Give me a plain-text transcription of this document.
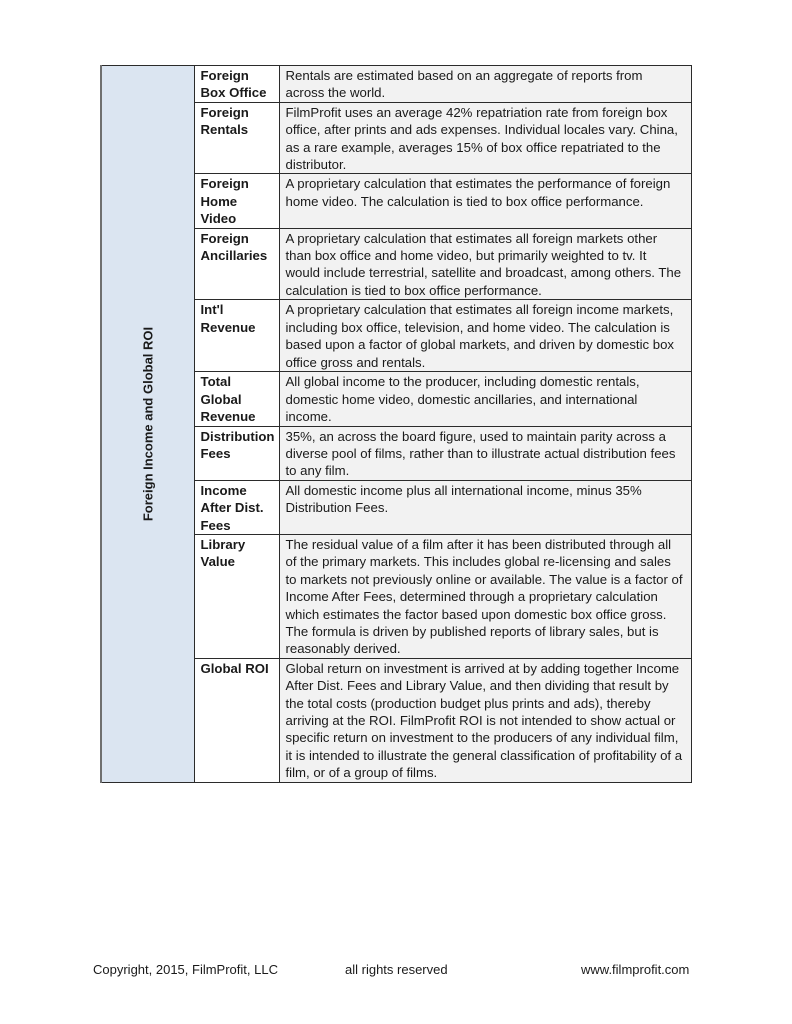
Foreign Income and Global ROI	Foreign Box Office	Rentals are estimated based on an aggregate of reports from across the world.
	Foreign Rentals	FilmProfit uses an average 42% repatriation rate from foreign box office, after prints and ads expenses. Individual locales vary. China, as a rare example, averages 15% of box office repatriated to the distributor.
	Foreign Home Video	A proprietary calculation that estimates the performance of foreign home video. The calculation is tied to box office performance.
	Foreign Ancillaries	A proprietary calculation that estimates all foreign markets other than box office and home video, but primarily weighted to tv. It would include terrestrial, satellite and broadcast, among others. The calculation is tied to box office performance.
	Int'l Revenue	A proprietary calculation that estimates all foreign income markets, including box office, television, and home video. The calculation is based upon a factor of global markets, and driven by domestic box office gross and rentals.
	Total Global Revenue	All global income to the producer, including domestic rentals, domestic home video, domestic ancillaries, and international income.
	Distribution Fees	35%, an across the board figure, used to maintain parity across a diverse pool of films, rather than to illustrate actual distribution fees to any film.
	Income After Dist. Fees	All domestic income plus all international income, minus 35% Distribution Fees.
	Library Value	The residual value of a film after it has been distributed through all of the primary markets. This includes global re-licensing and sales to markets not previously online or available. The value is a factor of Income After Fees, determined through a proprietary calculation which estimates the factor based upon domestic box office gross. The formula is driven by published reports of library sales, but is reasonably derived.
	Global ROI	Global return on investment is arrived at by adding together Income After Dist. Fees and Library Value, and then dividing that result by the total costs (production budget plus prints and ads), thereby arriving at the ROI. FilmProfit ROI is not intended to show actual or specific return on investment to the producers of any individual film, it is intended to illustrate the general classification of profitability of a film, or of a group of films.
Copyright, 2015, FilmProfit, LLC	all rights reserved	www.filmprofit.com
